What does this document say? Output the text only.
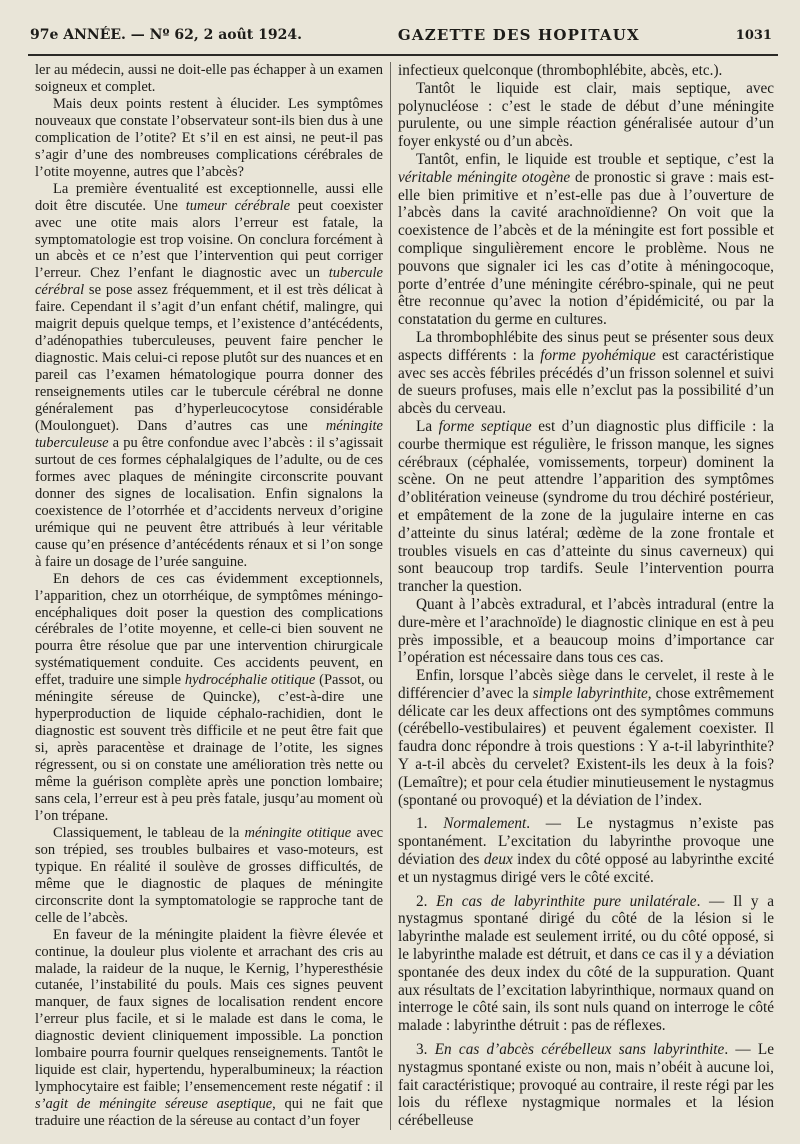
97e ANNÉE. — Nº 62, 2 août 1924.	GAZETTE DES HOPITAUX	1031

ler au médecin, aussi ne doit-elle pas échapper à un examen soigneux et complet.

Mais deux points restent à élucider. Les symptômes nouveaux que constate l’observateur sont-ils bien dus à une complication de l’otite? Et s’il en est ainsi, ne peut-il pas s’agir d’une des nombreuses complications cérébrales de l’otite moyenne, autres que l’abcès?

La première éventualité est exceptionnelle, aussi elle doit être discutée. Une tumeur cérébrale peut coexister avec une otite mais alors l’erreur est fatale, la symptomatologie est trop voisine. On conclura forcément à un abcès et ce n’est que l’intervention qui peut corriger l’erreur. Chez l’enfant le diagnostic avec un tubercule cérébral se pose assez fréquemment, et il est très délicat à faire. Cependant il s’agit d’un enfant chétif, malingre, qui maigrit depuis quelque temps, et l’existence d’antécédents, d’adénopathies tuberculeuses, peuvent faire pencher le diagnostic. Mais celui-ci repose plutôt sur des nuances et en pareil cas l’examen hématologique pourra donner des renseignements utiles car le tubercule cérébral ne donne généralement pas d’hyperleucocytose considérable (Moulonguet). Dans d’autres cas une méningite tuberculeuse a pu être confondue avec l’abcès : il s’agissait surtout de ces formes céphalalgiques de l’adulte, ou de ces formes avec plaques de méningite circonscrite pouvant donner des signes de localisation. Enfin signalons la coexistence de l’otorrhée et d’accidents nerveux d’origine urémique qui ne peuvent être attribués à leur véritable cause qu’en présence d’antécédents rénaux et si l’on songe à faire un dosage de l’urée sanguine.

En dehors de ces cas évidemment exceptionnels, l’apparition, chez un otorrhéique, de symptômes méningo-encéphaliques doit poser la question des complications cérébrales de l’otite moyenne, et celle-ci bien souvent ne pourra être résolue que par une intervention chirurgicale systématiquement conduite. Ces accidents peuvent, en effet, traduire une simple hydrocéphalie otitique (Passot, ou méningite séreuse de Quincke), c’est-à-dire une hyperproduction de liquide céphalo-rachidien, dont le diagnostic est souvent très difficile et ne peut être fait que si, après paracentèse et drainage de l’otite, les signes régressent, ou si on constate une amélioration très nette ou même la guérison complète après une ponction lombaire; sans cela, l’erreur est à peu près fatale, jusqu’au moment où l’on trépane.

Classiquement, le tableau de la méningite otitique avec son trépied, ses troubles bulbaires et vaso-moteurs, est typique. En réalité il soulève de grosses difficultés, de même que le diagnostic de plaques de méningite circonscrite dont la symptomatologie se rapproche tant de celle de l’abcès.

En faveur de la méningite plaident la fièvre élevée et continue, la douleur plus violente et arrachant des cris au malade, la raideur de la nuque, le Kernig, l’hyperesthésie cutanée, l’instabilité du pouls. Mais ces signes peuvent manquer, de faux signes de localisation rendent encore l’erreur plus facile, et si le malade est dans le coma, le diagnostic devient cliniquement impossible. La ponction lombaire pourra fournir quelques renseignements. Tantôt le liquide est clair, hypertendu, hyperalbumineux; la réaction lymphocytaire est faible; l’ensemencement reste négatif : il s’agit de méningite séreuse aseptique, qui ne fait que traduire une réaction de la séreuse au contact d’un foyer

infectieux quelconque (thrombophlébite, abcès, etc.).

Tantôt le liquide est clair, mais septique, avec polynucléose : c’est le stade de début d’une méningite purulente, ou une simple réaction généralisée autour d’un foyer enkysté ou d’un abcès.

Tantôt, enfin, le liquide est trouble et septique, c’est la véritable méningite otogène de pronostic si grave : mais est-elle bien primitive et n’est-elle pas due à l’ouverture de l’abcès dans la cavité arachnoïdienne? On voit que la coexistence de l’abcès et de la méningite est fort possible et complique singulièrement encore le problème. Nous ne pouvons que signaler ici les cas d’otite à méningocoque, porte d’entrée d’une méningite cérébro-spinale, qui ne peut être reconnue qu’avec la notion d’épidémicité, ou par la constatation du germe en cultures.

La thrombophlébite des sinus peut se présenter sous deux aspects différents : la forme pyohémique est caractéristique avec ses accès fébriles précédés d’un frisson solennel et suivi de sueurs profuses, mais elle n’exclut pas la possibilité d’un abcès du cerveau.

La forme septique est d’un diagnostic plus difficile : la courbe thermique est régulière, le frisson manque, les signes cérébraux (céphalée, vomissements, torpeur) dominent la scène. On ne peut attendre l’apparition des symptômes d’oblitération veineuse (syndrome du trou déchiré postérieur, et empâtement de la zone de la jugulaire interne en cas d’atteinte du sinus latéral; œdème de la zone frontale et troubles visuels en cas d’atteinte du sinus caverneux) qui sont beaucoup trop tardifs. Seule l’intervention pourra trancher la question.

Quant à l’abcès extradural, et l’abcès intradural (entre la dure-mère et l’arachnoïde) le diagnostic clinique en est à peu près impossible, et a beaucoup moins d’importance car l’opération est nécessaire dans tous ces cas.

Enfin, lorsque l’abcès siège dans le cervelet, il reste à le différencier d’avec la simple labyrinthite, chose extrêmement délicate car les deux affections ont des symptômes communs (cérébello-vestibulaires) et peuvent également coexister. Il faudra donc répondre à trois questions : Y a-t-il labyrinthite? Y a-t-il abcès du cervelet? Existent-ils les deux à la fois? (Lemaître); et pour cela étudier minutieusement le nystagmus (spontané ou provoqué) et la déviation de l’index.

1. Normalement. — Le nystagmus n’existe pas spontanément. L’excitation du labyrinthe provoque une déviation des deux index du côté opposé au labyrinthe excité et un nystagmus dirigé vers le côté excité.

2. En cas de labyrinthite pure unilatérale. — Il y a nystagmus spontané dirigé du côté de la lésion si le labyrinthe malade est seulement irrité, ou du côté opposé, si le labyrinthe malade est détruit, et dans ce cas il y a déviation spontanée des deux index du côté de la suppuration. Quant aux résultats de l’excitation labyrinthique, normaux quand on interroge le côté sain, ils sont nuls quand on interroge le côté malade : labyrinthe détruit : pas de réflexes.

3. En cas d’abcès cérébelleux sans labyrinthite. — Le nystagmus spontané existe ou non, mais n’obéit à aucune loi, fait caractéristique; provoqué au contraire, il reste régi par les lois du réflexe nystagmique normales et la lésion cérébelleuse
